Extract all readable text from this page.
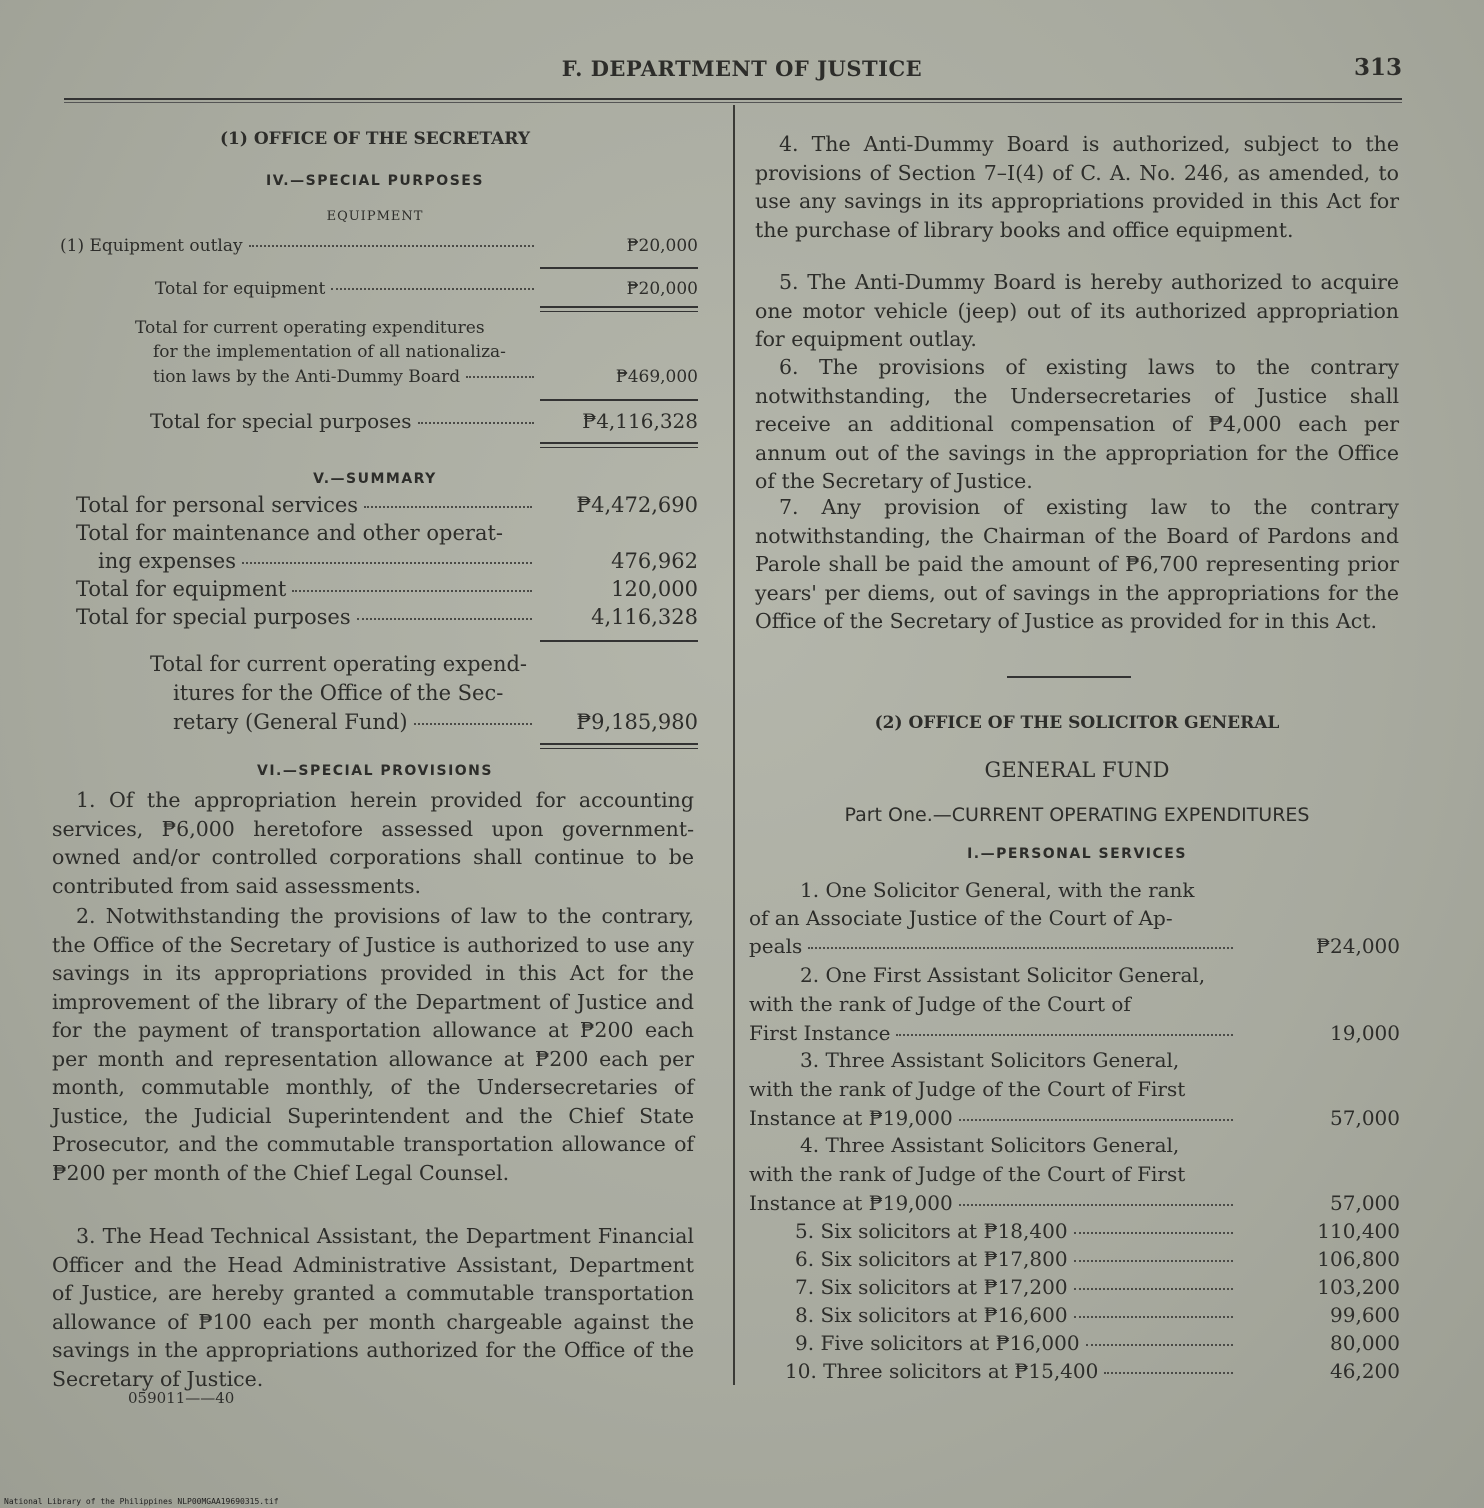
F. DEPARTMENT OF JUSTICE	313
(1) OFFICE OF THE SECRETARY
IV.—SPECIAL PURPOSES
EQUIPMENT
(1) Equipment outlay	₱20,000
Total for equipment	₱20,000
Total for current operating expenditures
for the implementation of all nationaliza-
tion laws by the Anti-Dummy Board	₱469,000
Total for special purposes	₱4,116,328
V.—SUMMARY
Total for personal services	₱4,472,690
Total for maintenance and other operat-
ing expenses	476,962
Total for equipment	120,000
Total for special purposes	4,116,328
Total for current operating expend-
itures for the Office of the Sec-
retary (General Fund)	₱9,185,980
VI.—SPECIAL PROVISIONS
1. Of the appropriation herein provided for accounting services, ₱6,000 heretofore assessed upon government-owned and/or controlled corporations shall continue to be contributed from said assessments.
2. Notwithstanding the provisions of law to the contrary, the Office of the Secretary of Justice is authorized to use any savings in its appropriations provided in this Act for the improvement of the library of the Department of Justice and for the payment of transportation allowance at ₱200 each per month and representation allowance at ₱200 each per month, commutable monthly, of the Undersecretaries of Justice, the Judicial Superintendent and the Chief State Prosecutor, and the commutable transportation allowance of ₱200 per month of the Chief Legal Counsel.
3. The Head Technical Assistant, the Department Financial Officer and the Head Administrative Assistant, Department of Justice, are hereby granted a commutable transportation allowance of ₱100 each per month chargeable against the savings in the appropriations authorized for the Office of the Secretary of Justice.
059011——40
4. The Anti-Dummy Board is authorized, subject to the provisions of Section 7–I(4) of C. A. No. 246, as amended, to use any savings in its appropriations provided in this Act for the purchase of library books and office equipment.
5. The Anti-Dummy Board is hereby authorized to acquire one motor vehicle (jeep) out of its authorized appropriation for equipment outlay.
6. The provisions of existing laws to the contrary notwithstanding, the Undersecretaries of Justice shall receive an additional compensation of ₱4,000 each per annum out of the savings in the appropriation for the Office of the Secretary of Justice.
7. Any provision of existing law to the contrary notwithstanding, the Chairman of the Board of Pardons and Parole shall be paid the amount of ₱6,700 representing prior years' per diems, out of savings in the appropriations for the Office of the Secretary of Justice as provided for in this Act.
(2) OFFICE OF THE SOLICITOR GENERAL
GENERAL FUND
Part One.—CURRENT OPERATING EXPENDITURES
I.—PERSONAL SERVICES
1. One Solicitor General, with the rank
of an Associate Justice of the Court of Ap-
peals	₱24,000
2. One First Assistant Solicitor General,
with the rank of Judge of the Court of
First Instance	19,000
3. Three Assistant Solicitors General,
with the rank of Judge of the Court of First
Instance at ₱19,000	57,000
4. Three Assistant Solicitors General,
with the rank of Judge of the Court of First
Instance at ₱19,000	57,000
5. Six solicitors at ₱18,400	110,400
6. Six solicitors at ₱17,800	106,800
7. Six solicitors at ₱17,200	103,200
8. Six solicitors at ₱16,600	99,600
9. Five solicitors at ₱16,000	80,000
10. Three solicitors at ₱15,400	46,200
National Library of the Philippines NLP00MGAA19690315.tif
